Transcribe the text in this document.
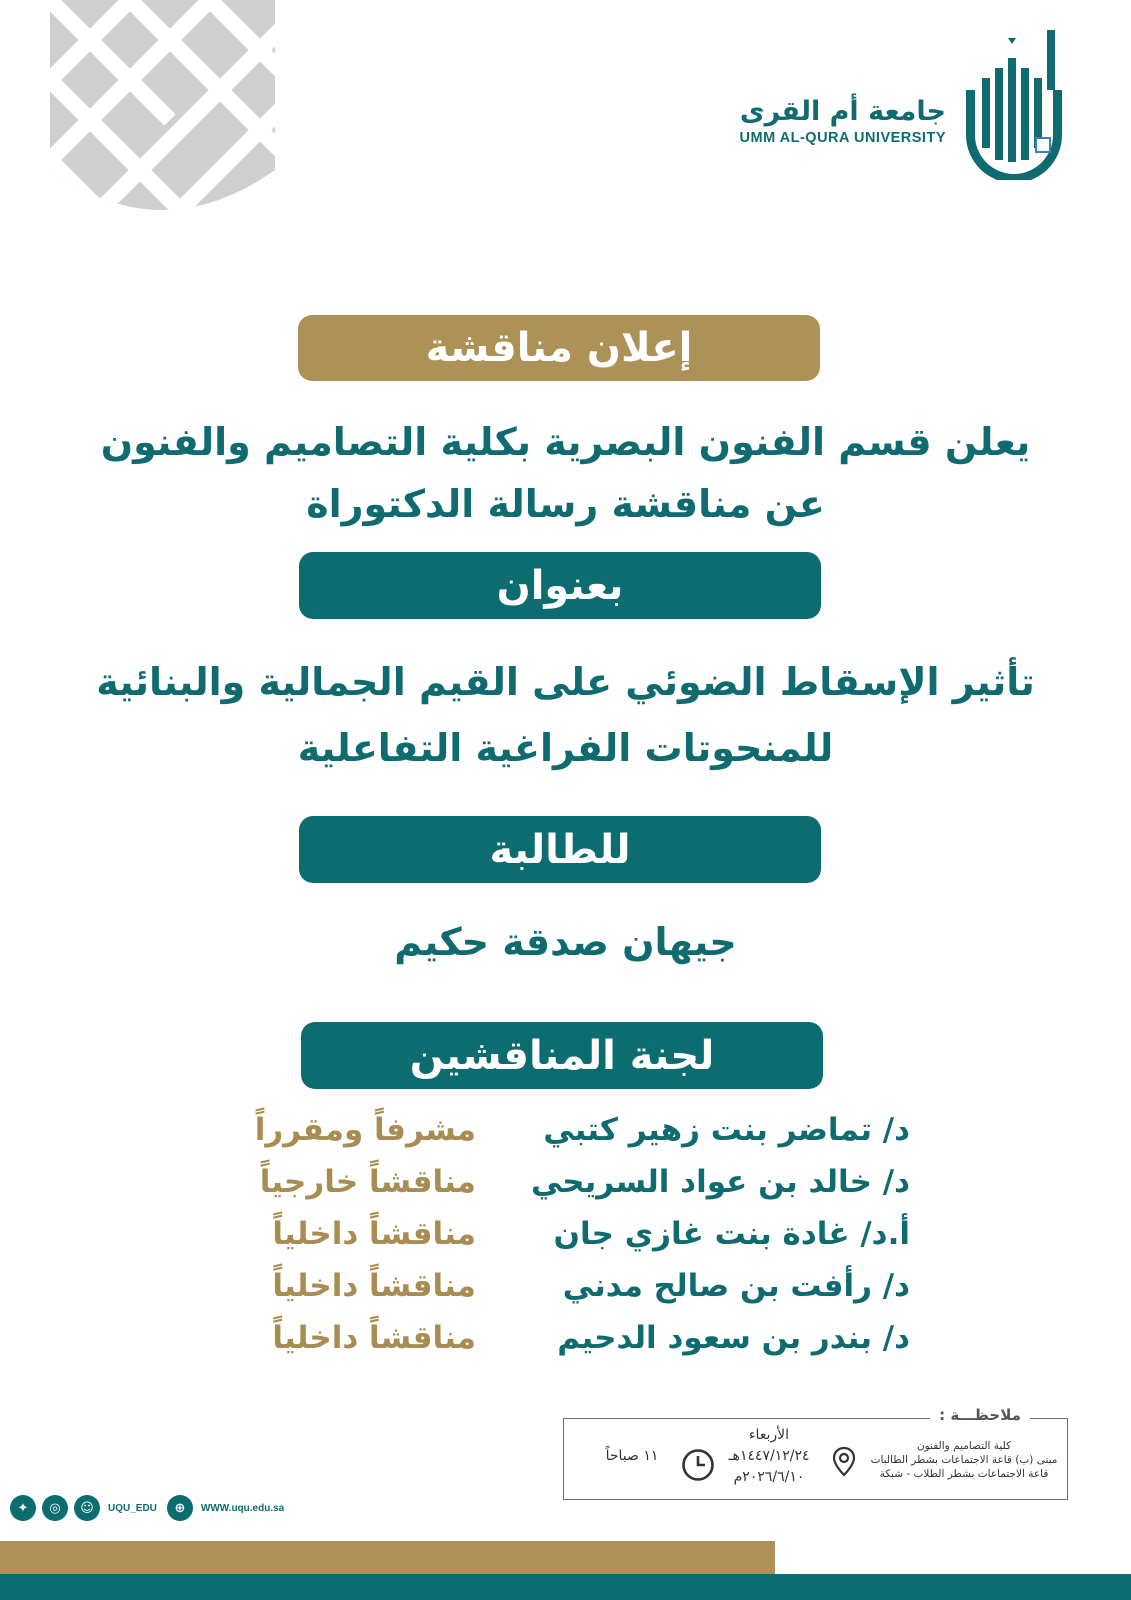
جامعة أم القرى
UMM AL-QURA UNIVERSITY
إعلان مناقشة
يعلن قسم الفنون البصرية بكلية التصاميم والفنون
عن مناقشة رسالة الدكتوراة
بعنوان
تأثير الإسقاط الضوئي على القيم الجمالية والبنائية
للمنحوتات الفراغية التفاعلية
للطالبة
جيهان صدقة حكيم
لجنة المناقشين
د/ تماضر بنت زهير كتبي
مشرفاً ومقرراً
د/ خالد بن عواد السريحي
مناقشاً خارجياً
أ.د/ غادة بنت غازي جان
مناقشاً داخلياً
د/ رأفت بن صالح مدني
مناقشاً داخلياً
د/ بندر بن سعود الدحيم
مناقشاً داخلياً
ملاحظـــة :
كلية التصاميم والفنون
مبنى (ب) قاعة الاجتماعات بشطر الطالبات
قاعة الاجتماعات بشطر الطلاب - شبكة
الأربعاء
١٤٤٧/١٢/٢٤هـ
٢٠٢٦/٦/١٠م
١١ صباحاً
✦	◎	☺	UQU_EDU	⊕	WWW.uqu.edu.sa
